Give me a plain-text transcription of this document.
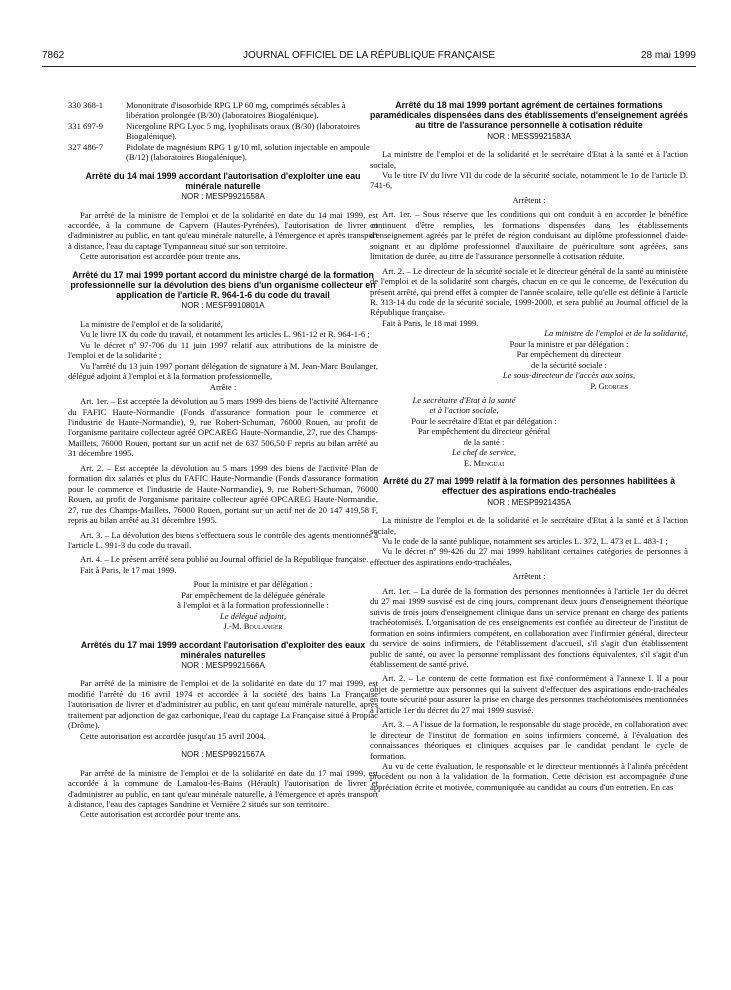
7862	JOURNAL OFFICIEL DE LA RÉPUBLIQUE FRANÇAISE	28 mai 1999
330 368-1	Mononitrate d'isosorbide RPG LP 60 mg, comprimés sécables à libération prolongée (B/30) (laboratoires Biogalénique).
331 697-9	Nicergoline RPG Lyoc 5 mg, lyophilisats oraux (B/30) (laboratoires Biogalénique).
327 486-7	Pidolate de magnésium RPG 1 g/10 ml, solution injectable en ampoule (B/12) (laboratoires Biogalénique).
Arrêté du 14 mai 1999 accordant l'autorisation d'exploiter une eau minérale naturelle
NOR : MESP9921558A

Par arrêté de la ministre de l'emploi et de la solidarité en date du 14 mai 1999, est accordée, à la commune de Capvern (Hautes-Pyrénées), l'autorisation de livrer et d'administrer au public, en tant qu'eau minérale naturelle, à l'émergence et après transport à distance, l'eau du captage Tympanneau situé sur son territoire.

Cette autorisation est accordée pour trente ans.

Arrêté du 17 mai 1999 portant accord du ministre chargé de la formation professionnelle sur la dévolution des biens d'un organisme collecteur en application de l'article R. 964-1-6 du code du travail
NOR : MESF9910801A

La ministre de l'emploi et de la solidarité,

Vu le livre IX du code du travail, et notamment les articles L. 961-12 et R. 964-1-6 ;

Vu le décret nº 97-706 du 11 juin 1997 relatif aux attributions de la ministre de l'emploi et de la solidarité ;

Vu l'arrêté du 13 juin 1997 portant délégation de signature à M. Jean-Marc Boulanger, délégué adjoint à l'emploi et à la formation professionnelle,

Arrête :

Art. 1er. – Est acceptée la dévolution au 5 mars 1999 des biens de l'activité Alternance du FAFIC Haute-Normandie (Fonds d'assurance formation pour le commerce et l'industrie de Haute-Normandie), 9, rue Robert-Schuman, 76000 Rouen, au profit de l'organisme paritaire collecteur agréé OPCAREG Haute-Normandie, 27, rue des Champs-Maillets, 76000 Rouen, portant sur un actif net de 637 506,50 F repris au bilan arrêté au 31 décembre 1995.

Art. 2. – Est acceptée la dévolution au 5 mars 1999 des biens de l'activité Plan de formation dix salariés et plus du FAFIC Haute-Normandie (Fonds d'assurance formation pour le commerce et l'industrie de Haute-Normandie), 9, rue Robert-Schuman, 76000 Rouen, au profit de l'organisme paritaire collecteur agréé OPCAREG Haute-Normandie, 27, rue des Champs-Maillets, 76000 Rouen, portant sur un actif net de 20 147 419,58 F, repris au bilan arrêté au 31 décembre 1995.

Art. 3. – La dévolution des biens s'effectuera sous le contrôle des agents mentionnés à l'article L. 991-3 du code du travail.

Art. 4. – Le présent arrêté sera publié au Journal officiel de la République française.

Fait à Paris, le 17 mai 1999.

Pour la ministre et par délégation :

Par empêchement de la déléguée générale

à l'emploi et à la formation professionnelle :

Le délégué adjoint,

J.-M. Boulanger

Arrêtés du 17 mai 1999 accordant l'autorisation d'exploiter des eaux minérales naturelles
NOR : MESP9921566A

Par arrêté de la ministre de l'emploi et de la solidarité en date du 17 mai 1999, est modifié l'arrêté du 16 avril 1974 et accordée à la société des bains La Française l'autorisation de livrer et d'administrer au public, en tant qu'eau minérale naturelle, après traitement par adjonction de gaz carbonique, l'eau du captage La Française situé à Propiac (Drôme).

Cette autorisation est accordée jusqu'au 15 avril 2004.

NOR : MESP9921567A

Par arrêté de la ministre de l'emploi et de la solidarité en date du 17 mai 1999, est accordée à la commune de Lamalou-les-Bains (Hérault) l'autorisation de livrer et d'administrer au public, en tant qu'eau minérale naturelle, à l'émergence et après transport à distance, l'eau des captages Sandrine et Vernière 2 situés sur son territoire.

Cette autorisation est accordée pour trente ans.

Arrêté du 18 mai 1999 portant agrément de certaines formations paramédicales dispensées dans des établissements d'enseignement agréés au titre de l'assurance personnelle à cotisation réduite
NOR : MESS9921583A

La ministre de l'emploi et de la solidarité et le secrétaire d'Etat à la santé et à l'action sociale,

Vu le titre IV du livre VII du code de la sécurité sociale, notamment le 1o de l'article D. 741-6,

Arrêtent :

Art. 1er. – Sous réserve que les conditions qui ont conduit à en accorder le bénéfice continuent d'être remplies, les formations dispensées dans les établissements d'enseignement agréés par le préfet de région conduisant au diplôme professionnel d'aide-soignant et au diplôme professionnel d'auxiliaire de puériculture sont agréées, sans limitation de durée, au titre de l'assurance personnelle à cotisation réduite.

Art. 2. – Le directeur de la sécurité sociale et le directeur général de la santé au ministère de l'emploi et de la solidarité sont chargés, chacun en ce qui le concerne, de l'exécution du présent arrêté, qui prend effet à compter de l'année scolaire, telle qu'elle est définie à l'article R. 313-14 du code de la sécurité sociale, 1999-2000, et sera publié au Journal officiel de la République française.

Fait à Paris, le 18 mai 1999.

La ministre de l'emploi et de la solidarité,

Pour la ministre et par délégation :

Par empêchement du directeur

de la sécurité sociale :

Le sous-directeur de l'accès aux soins,

P. Georges

Le secrétaire d'Etat à la santé

et à l'action sociale,

Pour le secrétaire d'Etat et par délégation :

Par empêchement du directeur général

de la santé :

Le chef de service,

E. Menguai

Arrêté du 27 mai 1999 relatif à la formation des personnes habilitées à effectuer des aspirations endo-trachéales
NOR : MESP9921435A

La ministre de l'emploi et de la solidarité et le secrétaire d'Etat à la santé et à l'action sociale,

Vu le code de la santé publique, notamment ses articles L. 372, L. 473 et L. 483-1 ;

Vu le décret nº 99-426 du 27 mai 1999 habilitant certaines catégories de personnes à effectuer des aspirations endo-trachéales,

Arrêtent :

Art. 1er. – La durée de la formation des personnes mentionnées à l'article 1er du décret du 27 mai 1999 susvisé est de cinq jours, comprenant deux jours d'enseignement théorique suivis de trois jours d'enseignement clinique dans un service prenant en charge des patients trachéotomisés. L'organisation de ces enseignements est confiée au directeur de l'institut de formation en soins infirmiers compétent, en collaboration avec l'infirmier général, directeur du service de soins infirmiers, de l'établissement d'accueil, s'il s'agit d'un établissement public de santé, ou avec la personne remplissant des fonctions équivalentes, s'il s'agit d'un établissement de santé privé.

Art. 2. – Le contenu de cette formation est fixé conformément à l'annexe I. Il a pour objet de permettre aux personnes qui la suivent d'effectuer des aspirations endo-trachéales en toute sécurité pour assurer la prise en charge des personnes trachéotomisées mentionnées à l'article 1er du décret du 27 mai 1999 susvisé.

Art. 3. – A l'issue de la formation, le responsable du stage procède, en collaboration avec le directeur de l'institut de formation en soins infirmiers concerné, à l'évaluation des connaissances théoriques et cliniques acquises par le candidat pendant le cycle de formation.

Au vu de cette évaluation, le responsable et le directeur mentionnés à l'alinéa précédent procèdent ou non à la validation de la formation. Cette décision est accompagnée d'une appréciation écrite et motivée, communiquée au candidat au cours d'un entretien. En cas
